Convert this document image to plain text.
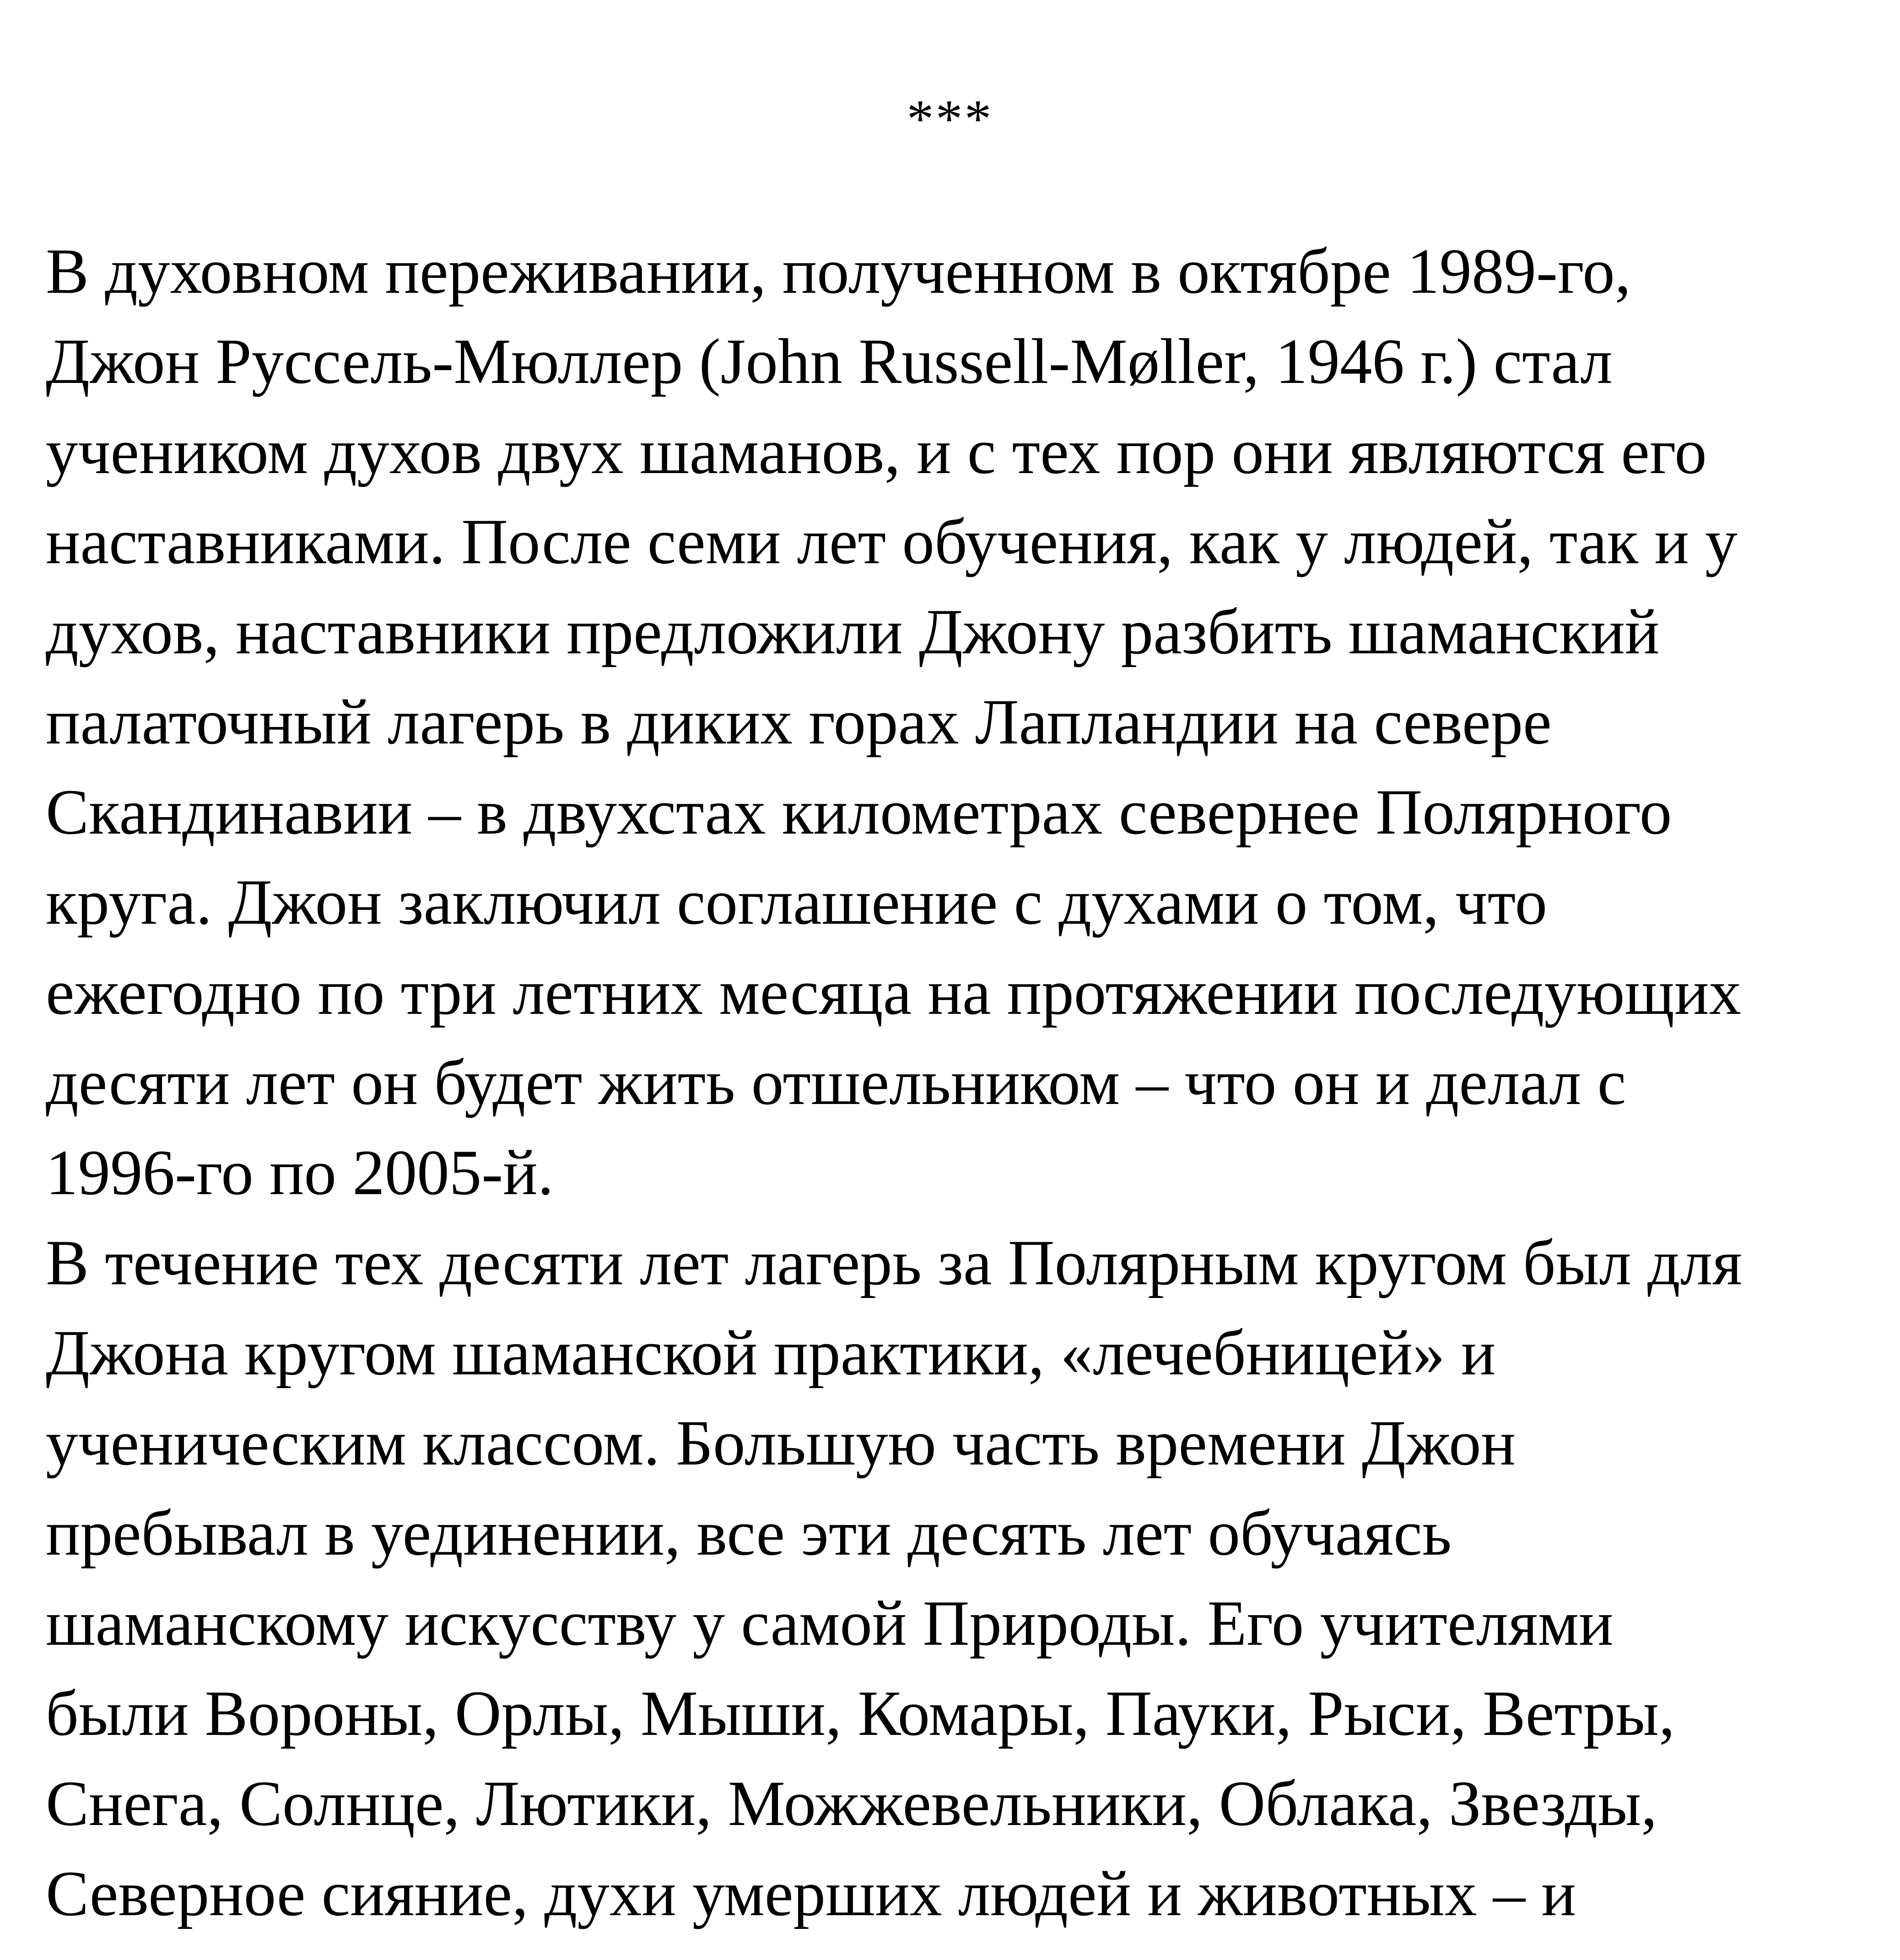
***
В духовном переживании, полученном в октябре 1989-го,
Джон Руссель-Мюллер (John Russell-Møller, 1946 г.) стал
учеником духов двух шаманов, и с тех пор они являются его
наставниками. После семи лет обучения, как у людей, так и у
духов, наставники предложили Джону разбить шаманский
палаточный лагерь в диких горах Лапландии на севере
Скандинавии – в двухстах километрах севернее Полярного
круга. Джон заключил соглашение с духами о том, что
ежегодно по три летних месяца на протяжении последующих
десяти лет он будет жить отшельником – что он и делал с
1996-го по 2005-й.
В течение тех десяти лет лагерь за Полярным кругом был для
Джона кругом шаманской практики, «лечебницей» и
ученическим классом. Большую часть времени Джон
пребывал в уединении, все эти десять лет обучаясь
шаманскому искусству у самой Природы. Его учителями
были Вороны, Орлы, Мыши, Комары, Пауки, Рыси, Ветры,
Снега, Солнце, Лютики, Можжевельники, Облака, Звезды,
Северное сияние, духи умерших людей и животных – и
